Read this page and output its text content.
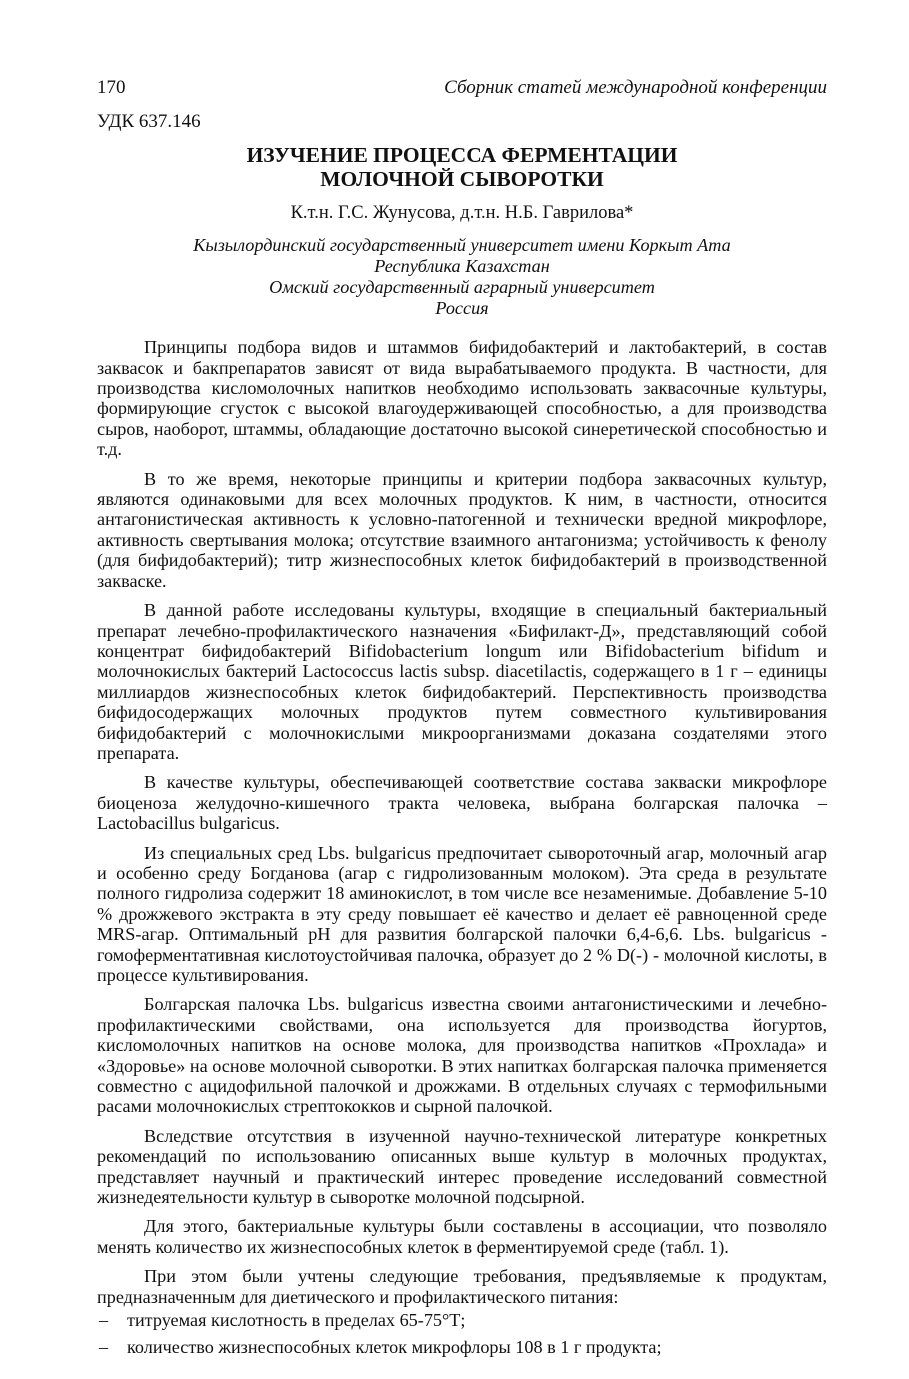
170	Сборник статей международной конференции
УДК 637.146
ИЗУЧЕНИЕ ПРОЦЕССА ФЕРМЕНТАЦИИ
МОЛОЧНОЙ СЫВОРОТКИ
К.т.н. Г.С. Жунусова, д.т.н. Н.Б. Гаврилова*
Кызылординский государственный университет имени Коркыт Ата
Республика Казахстан
Омский государственный аграрный университет
Россия

Принципы подбора видов и штаммов бифидобактерий и лактобактерий, в состав заквасок и бакпрепаратов зависят от вида вырабатываемого продукта. В частности, для производства кисломолочных напитков необходимо использовать заквасочные культуры, формирующие сгусток с высокой влагоудерживающей способностью, а для производства сыров, наоборот, штаммы, обладающие достаточно высокой синеретической способностью и т.д.

В то же время, некоторые принципы и критерии подбора заквасочных культур, являются одинаковыми для всех молочных продуктов. К ним, в частности, относится антагонистическая активность к условно-патогенной и технически вредной микрофлоре, активность свертывания молока; отсутствие взаимного антагонизма; устойчивость к фенолу (для бифидобактерий); титр жизнеспособных клеток бифидобактерий в производственной закваске.

В данной работе исследованы культуры, входящие в специальный бактериальный препарат лечебно-профилактического назначения «Бифилакт-Д», представляющий собой концентрат бифидобактерий Bifidobacterium longum или Bifidobacterium bifidum и молочнокислых бактерий Lactococcus lactis subsp. diacetilactis, содержащего в 1 г – единицы миллиардов жизнеспособных клеток бифидобактерий. Перспективность производства бифидосодержащих молочных продуктов путем совместного культивирования бифидобактерий с молочнокислыми микроорганизмами доказана создателями этого препарата.

В качестве культуры, обеспечивающей соответствие состава закваски микрофлоре биоценоза желудочно-кишечного тракта человека, выбрана болгарская палочка – Lactobacillus bulgaricus.

Из специальных сред Lbs. bulgaricus предпочитает сывороточный агар, молочный агар и особенно среду Богданова (агар с гидролизованным молоком). Эта среда в результате полного гидролиза содержит 18 аминокислот, в том числе все незаменимые. Добавление 5-10 % дрожжевого экстракта в эту среду повышает её качество и делает её равноценной среде MRS-агар. Оптимальный рН для развития болгарской палочки 6,4-6,6. Lbs. bulgaricus - гомоферментативная кислотоустойчивая палочка, образует до 2 % D(-) - молочной кислоты, в процессе культивирования.

Болгарская палочка Lbs. bulgaricus известна своими антагонистическими и лечебно-профилактическими свойствами, она используется для производства йогуртов, кисломолочных напитков на основе молока, для производства напитков «Прохлада» и «Здоровье» на основе молочной сыворотки. В этих напитках болгарская палочка применяется совместно с ацидофильной палочкой и дрожжами. В отдельных случаях с термофильными расами молочнокислых стрептококков и сырной палочкой.

Вследствие отсутствия в изученной научно-технической литературе конкретных рекомендаций по использованию описанных выше культур в молочных продуктах, представляет научный и практический интерес проведение исследований совместной жизнедеятельности культур в сыворотке молочной подсырной.

Для этого, бактериальные культуры были составлены в ассоциации, что позволяло менять количество их жизнеспособных клеток в ферментируемой среде (табл. 1).

При этом были учтены следующие требования, предъявляемые к продуктам, предназначенным для диетического и профилактического питания:

– титруемая кислотность в пределах 65-75°Т;
– количество жизнеспособных клеток микрофлоры 108 в 1 г продукта;
